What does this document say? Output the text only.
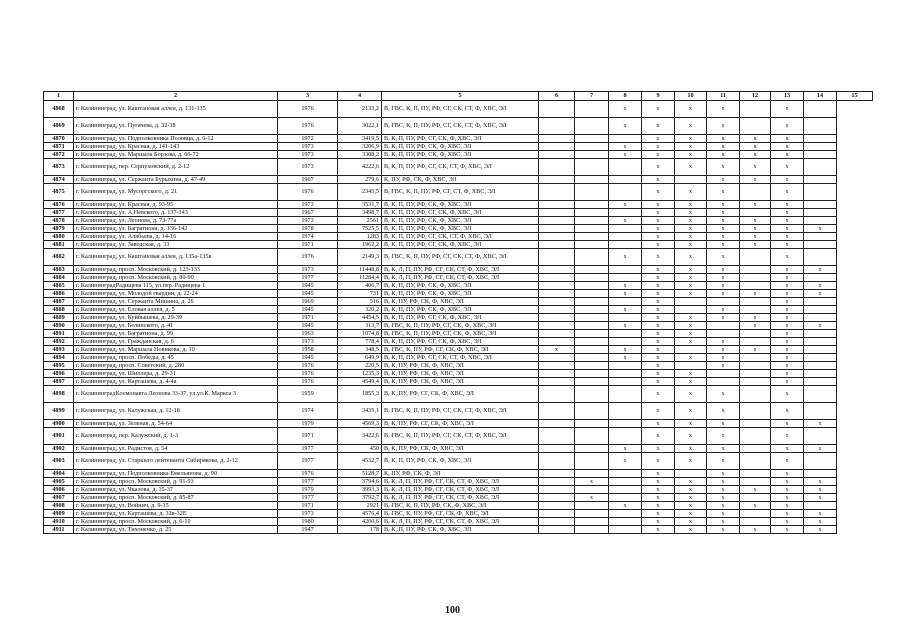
1	2	3	4	5	6	7	8	9	10	11	12	13	14	15
4868	г. Калининград, ул. Каштановая аллея, д. 131-135	1976	2133,2	В, ГВС, К, П, ПУ, РФ, СГ, СК, СТ, Ф, ХВС, ЭЛ			x	x	x	x		x		
4869	г. Калининград, ул. Пугачева, д. 32-38	1976	3022,1	В, ГВС, К, П, ПУ, РФ, СГ, СК, СТ, Ф, ХВС, ЭЛ			x	x	x	x		x		
4870	г. Калининград, ул. Подполковника Половца, д. 6-12	1972	3419,5	В, К, П, ПУ, РФ, СГ, СК, Ф, ХВС, ЭЛ				x	x	x	x	x		
4871	г. Калининград, ул. Красная, д. 141-143	1973	3206,9	В, К, П, ПУ, РФ, СК, Ф, ХВС, ЭЛ			x	x	x	x	x	x		
4872	г. Калининград, ул. Маршала Борзова, д. 66-72	1973	3308,2	В, К, П, ПУ, РФ, СК, Ф, ХВС, ЭЛ			x	x	x	x	x	x		
4873	г. Калининград, пер. Серпуховский, д. 2-12	1973	4222,6	В, К, П, ПУ, РФ, СГ, СК, СТ, Ф, ХВС, ЭЛ				x	x	x	x	x		
4874	г. Калининград, ул. Сержанта Бурыхина, д. 47-49	1967	279,6	К, ПУ, РФ, СК, Ф, ХВС, ЭЛ				x		x	x	x		
4875	г. Калининград, ул. Мусоргского, д. 21	1976	2345,5	В, ГВС, К, П, ПУ, РФ, СГ, СТ, Ф, ХВС, ЭЛ				x	x	x		x		
4876	г. Калининград, ул. Красная, д. 93-95	1973	3531,7	В, К, П, ПУ, РФ, СК, Ф, ХВС, ЭЛ			x	x	x	x	x	x		
4877	г. Калининград, ул. А.Невского, д. 137-143	1967	3498,7	В, К, П, ПУ, РФ, СГ, СК, Ф, ХВС, ЭЛ				x	x	x		x		
4878	г. Калининград, ул. Леонова, д. 73-77а	1973	2561	В, К, П, ПУ, РФ, СК, Ф, ХВС, ЭЛ			x	x	x	x	x	x		
4879	г. Калининград, ул. Багратиона, д. 136-142	1978	7525,5	В, К, П, ПУ, РФ, СК, Ф, ХВС, ЭЛ				x	x	x	x	x	x	
4880	г. Калининград, ул. Алябьева, д. 14-16	1974	1283	В, К, П, ПУ, РФ, СГ, СК, СТ, Ф, ХВС, ЭЛ				x	x	x	x	x		
4881	г. Калининград, ул. Заводская, д. 33	1971	1962,2	В, К, П, ПУ, РФ, СГ, СК, Ф, ХВС, ЭЛ				x	x	x	x	x		
4882	г. Калининград, ул. Каштановая аллея, д. 135а-135в	1976	2149,3	В, ГВС, К, П, ПУ, РФ, СГ, СК, СТ, Ф, ХВС, ЭЛ			x	x	x	x		x		
4883	г. Калининград, просп. Московский, д. 123-133	1973	11448,8	В, К, Л, П, ПУ, РФ, СГ, СК, СТ, Ф, ХВС, ЭЛ				x	x	x		x	x	
4884	г. Калининград, просп. Московский, д. 80-90	1977	11284,4	В, К, Л, П, ПУ, РФ, СГ, СК, СТ, Ф, ХВС, ЭЛ				x	x	x		x		
4885	г. КалининградРадищева 115, ул.пер. Радищева 1	1945	406,7	В, К, П, ПУ, РФ, СК, Ф, ХВС, ЭЛ			x	x	x	x		x	x	
4886	г. Калининград, ул. Молодой гвардии, д. 22-24	1945	731	В, К, П, ПУ, РФ, СК, Ф, ХВС, ЭЛ			x	x	x	x	x	x	x	
4887	г. Калининград, ул. Сержанта Мишина, д. 26	1969	516	В, К, ПУ, РФ, СК, Ф, ХВС, ЭЛ				x				x		
4888	г. Калининград, ул. Еловая аллея, д. 5	1945	320,2	В, К, П, ПУ, РФ, СК, Ф, ХВС, ЭЛ			x	x		x		x		
4889	г. Калининград, ул. Куйбышева, д. 29-39	1971	4454,5	В, К, П, ПУ, РФ, СГ, СК, Ф, ХВС, ЭЛ				x	x	x	x	x		
4890	г. Калининград, ул. Белинского, д. 41	1945	313,7	В, ГВС, К, П, ПУ, РФ, СГ, СК, Ф, ХВС, ЭЛ			x	x	x		x	x	x	
4891	г. Калининград, ул. Багратиона, д. 99	1963	1074,8	В, ГВС, К, П, ПУ, РФ, СГ, СК, Ф, ХВС, ЭЛ				x	x			x		
4892	г. Калининград, ул. Гражданская, д. 6	1973	778,4	В, К, П, ПУ, РФ, СГ, СК, Ф, ХВС, ЭЛ				x	x	x		x		
4893	г. Калининград, ул. Маршала Новикова, д. 10	1958	348,5	В, ГВС, К, ПУ, РФ, СГ, СК, Ф, ХВС, ЭЛ	x		x	x		x	x	x		
4894	г. Калининград, просп. Победы, д. 45	1945	649,9	В, К, П, ПУ, РФ, СГ, СК, СТ, Ф, ХВС, ЭЛ			x	x	x	x		x		
4895	г. Калининград, просп. Советский, д. 280	1976	220,5	В, К, ПУ, РФ, СК, Ф, ХВС, ЭЛ				x		x		x		
4896	г. Калининград, ул. Шиллера, д. 29-31	1976	1235,3	В, К, ПУ, РФ, СК, Ф, ХВС, ЭЛ				x	x			x		
4897	г. Калининград, ул. Карташева, д. 4-4а	1976	4549,4	В, К, ПУ, РФ, СК, Ф, ХВС, ЭЛ				x	x			x		
4898	г. КалининградКосмонавта Леонова 33-37, ул.ул.К. Маркса 3	1959	1855,3	В, К, ПУ, РФ, СГ, СК, Ф, ХВС, ЭЛ				x	x	x		x		
4899	г. Калининград, ул. Калужская, д. 12-18	1974	3435,1	В, ГВС, К, П, ПУ, РФ, СГ, СК, СТ, Ф, ХВС, ЭЛ				x	x	x		x		
4900	г. Калининград, ул. Зеленая, д. 54-64	1979	4569,3	В, К, ПУ, РФ, СГ, СК, Ф, ХВС, ЭЛ				x	x	x		x	x	
4901	г. Калининград, пер. Калужский, д. 1-3	1971	3422,6	В, ГВС, К, П, ПУ, РФ, СГ, СК, СТ, Ф, ХВС, ЭЛ				x	x	x		x		
4902	г. Калининград, ул. Радистов, д. 54	1977	450	В, К, ПУ, РФ, СК, Ф, ХВС, ЭЛ			x	x	x	x		x	x	
4903	г. Калининград, ул. Старшего лейтенанта Сибирякова, д. 2-12	1977	4532,7	В, К, П, ПУ, РФ, СК, Ф, ХВС, ЭЛ			x	x	x	x		x		
4904	г. Калининград, ул. Подполковника Емельянова, д. 90	1976	5128,7	К, ПУ, РФ, СК, Ф, ЭЛ				x		x		x		
4905	г. Калининград, просп. Московский, д. 91-93	1977	3794,6	В, К, Л, П, ПУ, РФ, СГ, СК, СТ, Ф, ХВС, ЭЛ		x		x	x	x		x	x	
4906	г. Калининград, ул. Чкалова, д. 35-37	1979	3993,3	В, К, Л, П, ПУ, РФ, СГ, СК, СТ, Ф, ХВС, ЭЛ				x	x	x	x	x	x	
4907	г. Калининград, просп. Московский, д. 85-87	1977	3792,7	В, К, Л, П, ПУ, РФ, СГ, СК, СТ, Ф, ХВС, ЭЛ		x		x	x	x		x	x	
4908	г. Калининград, ул. Войнич, д. 9-15	1971	2921	В, ГВС, К, П, ПУ, РФ, СК, Ф, ХВС, ЭЛ			x	x	x	x	x	x		
4909	г. Калининград, ул. Карташева, д. 32в-32Е	1973	4576,4	В, ГВС, К, ПУ, РФ, СГ, СК, Ф, ХВС, ЭЛ				x	x	x		x	x	
4910	г. Калининград, просп. Московский, д. 6-10	1980	4200,6	В, К, Л, П, ПУ, РФ, СГ, СК, СТ, Ф, ХВС, ЭЛ				x	x	x		x	x	
4911	г. Калининград, ул. Тихоненко, д. 25	1947	178	В, К, П, ПУ, РФ, СК, Ф, ХВС, ЭЛ				x	x	x	x	x	x	
100
